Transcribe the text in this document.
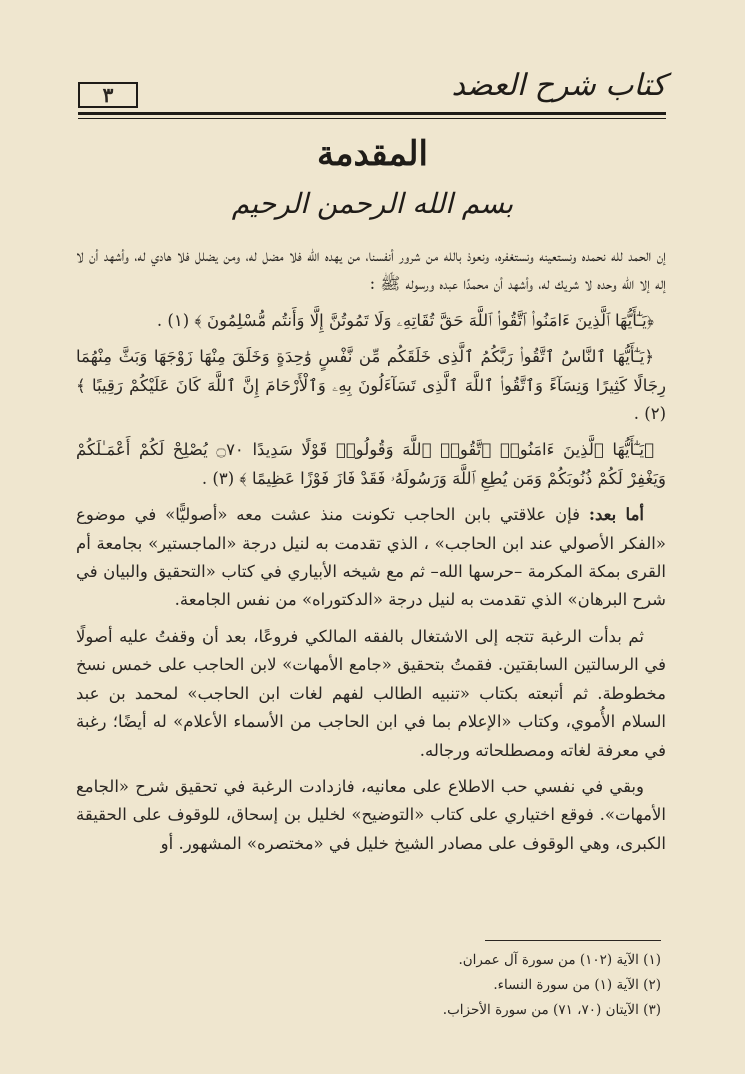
كتاب شرح العضد
٣
المقدمة
بسم الله الرحمن الرحيم

إن الحمد لله نحمده ونستعينه ونستغفره، ونعوذ بالله من شرور أنفسنا، من يهده الله فلا مضل له، ومن يضلل فلا هادي له، وأشهد أن لا إله إلا الله وحده لا شريك له، وأشهد أن محمدًا عبده ورسوله ﷺ :

﴿يَـٰٓأَيُّهَا ٱلَّذِينَ ءَامَنُوا۟ ٱتَّقُوا۟ ٱللَّهَ حَقَّ تُقَاتِهِۦ وَلَا تَمُوتُنَّ إِلَّا وَأَنتُم مُّسْلِمُونَ ﴾ (١) .

﴿يَـٰٓأَيُّهَا ٱلنَّاسُ ٱتَّقُوا۟ رَبَّكُمُ ٱلَّذِى خَلَقَكُم مِّن نَّفْسٍ وَٰحِدَةٍ وَخَلَقَ مِنْهَا زَوْجَهَا وَبَثَّ مِنْهُمَا رِجَالًا كَثِيرًا وَنِسَآءً وَٱتَّقُوا۟ ٱللَّهَ ٱلَّذِى تَسَآءَلُونَ بِهِۦ وَٱلْأَرْحَامَ إِنَّ ٱللَّهَ كَانَ عَلَيْكُمْ رَقِيبًا ﴾ (٢) .

﴿يَـٰٓأَيُّهَا ٱلَّذِينَ ءَامَنُوا۟ ٱتَّقُوا۟ ٱللَّهَ وَقُولُوا۟ قَوْلًا سَدِيدًا ۝٧٠ يُصْلِحْ لَكُمْ أَعْمَـٰلَكُمْ وَيَغْفِرْ لَكُمْ ذُنُوبَكُمْ وَمَن يُطِعِ ٱللَّهَ وَرَسُولَهُۥ فَقَدْ فَازَ فَوْزًا عَظِيمًا ﴾ (٣) .

أما بعد: فإن علاقتي بابن الحاجب تكونت منذ عشت معه «أصوليًّا» في موضوع «الفكر الأصولي عند ابن الحاجب» ، الذي تقدمت به لنيل درجة «الماجستير» بجامعة أم القرى بمكة المكرمة –حرسها الله– ثم مع شيخه الأبياري في كتاب «التحقيق والبيان في شرح البرهان» الذي تقدمت به لنيل درجة «الدكتوراه» من نفس الجامعة.

ثم بدأت الرغبة تتجه إلى الاشتغال بالفقه المالكي فروعًا، بعد أن وقفتُ عليه أصولًا في الرسالتين السابقتين. فقمتُ بتحقيق «جامع الأمهات» لابن الحاجب على خمس نسخ مخطوطة. ثم أتبعته بكتاب «تنبيه الطالب لفهم لغات ابن الحاجب» لمحمد بن عبد السلام الأُموي، وكتاب «الإعلام بما في ابن الحاجب من الأسماء الأعلام» له أيضًا؛ رغبة في معرفة لغاته ومصطلحاته ورجاله.

وبقي في نفسي حب الاطلاع على معانيه، فازدادت الرغبة في تحقيق شرح «الجامع الأمهات». فوقع اختياري على كتاب «التوضيح» لخليل بن إسحاق، للوقوف على الحقيقة الكبرى، وهي الوقوف على مصادر الشيخ خليل في «مختصره» المشهور. أو

(١) الآية (١٠٢) من سورة آل عمران.

(٢) الآية (١) من سورة النساء.

(٣) الآيتان (٧٠، ٧١) من سورة الأحزاب.
